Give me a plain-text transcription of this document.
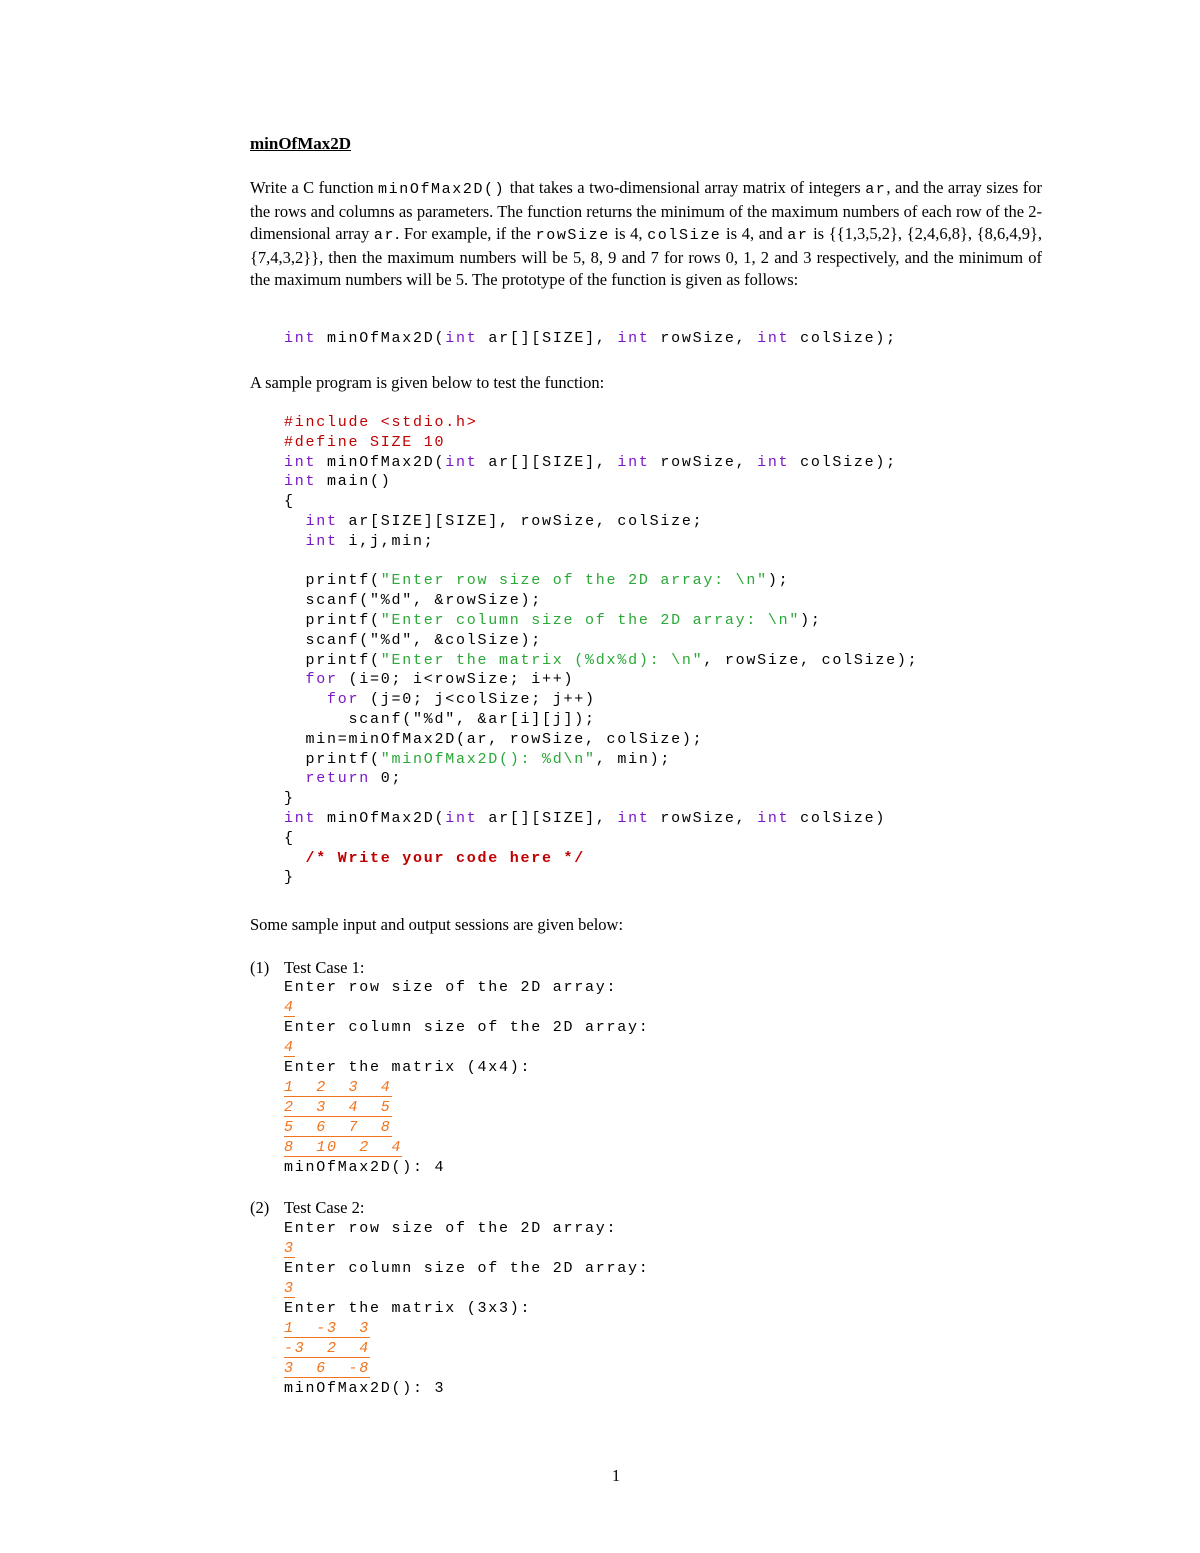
minOfMax2D
Write a C function minOfMax2D() that takes a two-dimensional array matrix of integers ar, and the array sizes for the rows and columns as parameters. The function returns the minimum of the maximum numbers of each row of the 2-dimensional array ar. For example, if the rowSize is 4, colSize is 4, and ar is {{1,3,5,2}, {2,4,6,8}, {8,6,4,9}, {7,4,3,2}}, then the maximum numbers will be 5, 8, 9 and 7 for rows 0, 1, 2 and 3 respectively, and the minimum of the maximum numbers will be 5. The prototype of the function is given as follows:
int minOfMax2D(int ar[][SIZE], int rowSize, int colSize);
A sample program is given below to test the function:
#include <stdio.h>
#define SIZE 10
int minOfMax2D(int ar[][SIZE], int rowSize, int colSize);
int main()
{
int ar[SIZE][SIZE], rowSize, colSize;
int i,j,min;

printf("Enter row size of the 2D array: \n");
scanf("%d", &rowSize);
printf("Enter column size of the 2D array: \n");
scanf("%d", &colSize);
printf("Enter the matrix (%dx%d): \n", rowSize, colSize);
for (i=0; i<rowSize; i++)
for (j=0; j<colSize; j++)
scanf("%d", &ar[i][j]);
min=minOfMax2D(ar, rowSize, colSize);
printf("minOfMax2D(): %d\n", min);
return 0;
}
int minOfMax2D(int ar[][SIZE], int rowSize, int colSize)
{
/* Write your code here */
}
Some sample input and output sessions are given below:
(1) Test Case 1:
Enter row size of the 2D array:
4
Enter column size of the 2D array:
4
Enter the matrix (4x4):
1  2  3  4
2  3  4  5
5  6  7  8
8  10  2  4
minOfMax2D(): 4
(2) Test Case 2:
Enter row size of the 2D array:
3
Enter column size of the 2D array:
3
Enter the matrix (3x3):
1  -3  3
-3  2  4
3  6  -8
minOfMax2D(): 3
1
